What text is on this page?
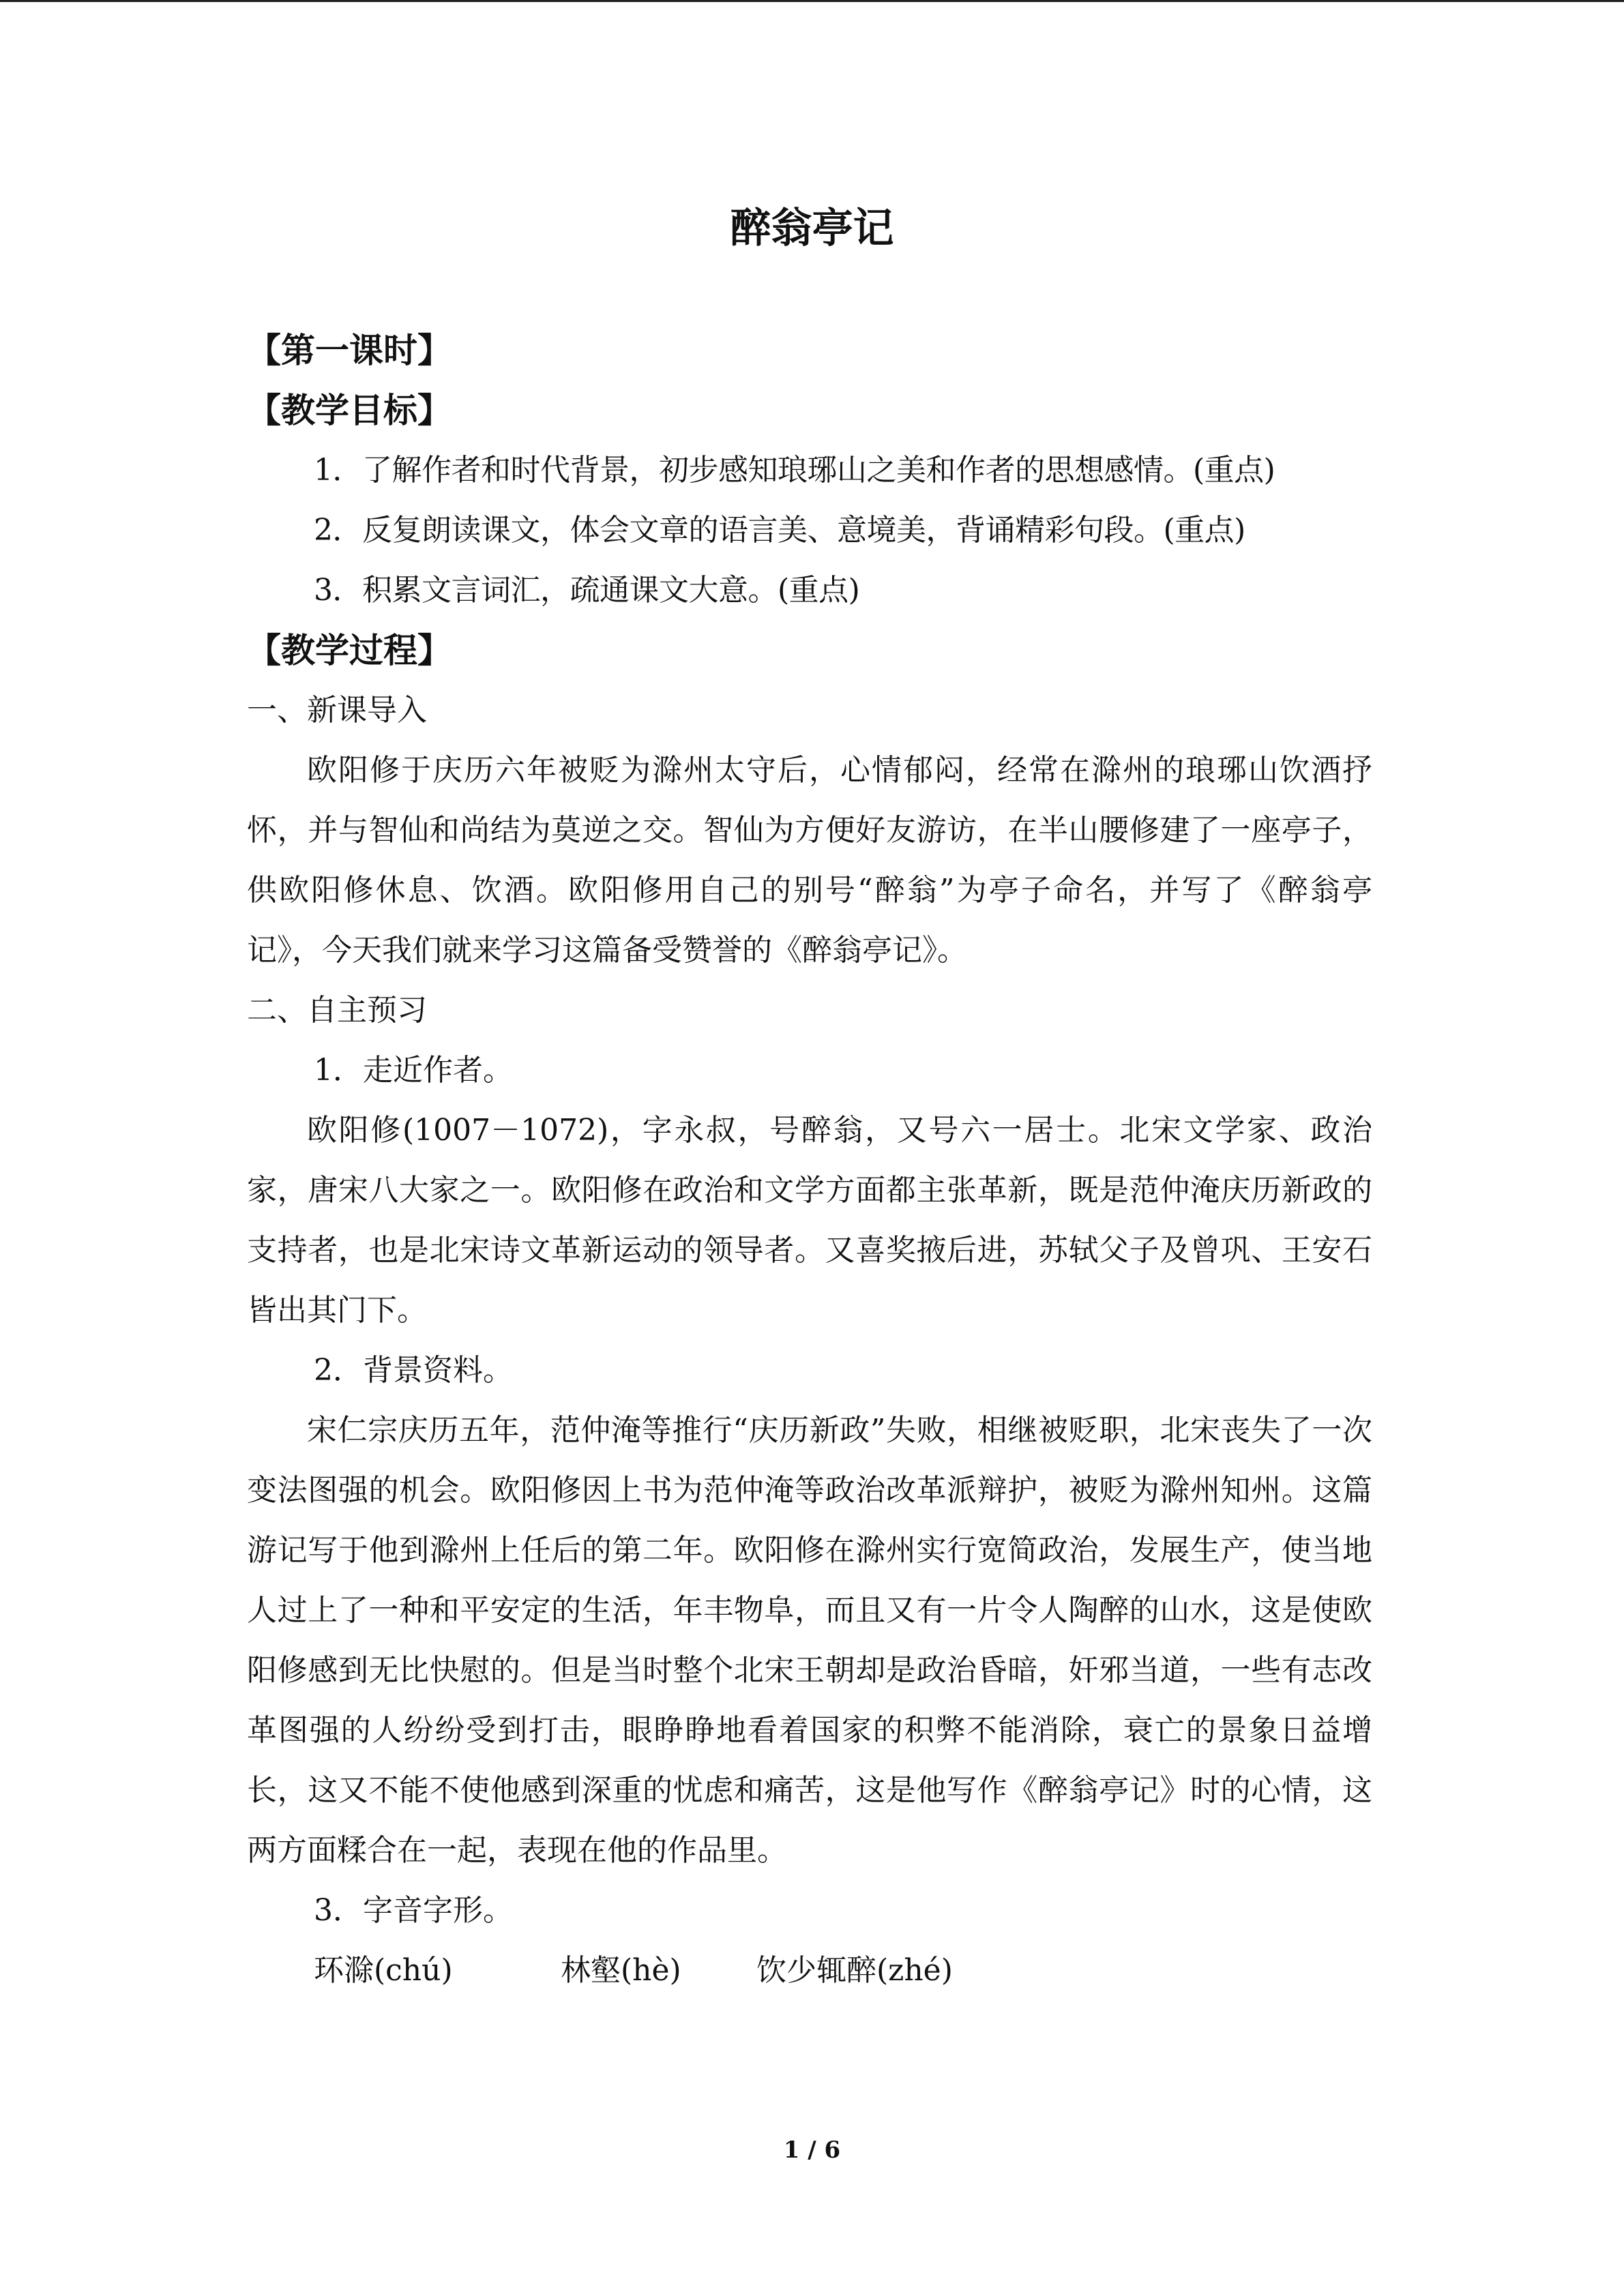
醉翁亭记
【第一课时】
【教学目标】
1．了解作者和时代背景，初步感知琅琊山之美和作者的思想感情。(重点)
2．反复朗读课文，体会文章的语言美、意境美，背诵精彩句段。(重点)
3．积累文言词汇，疏通课文大意。(重点)
【教学过程】
一、新课导入

欧阳修于庆历六年被贬为滁州太守后，心情郁闷，经常在滁州的琅琊山饮酒抒怀，并与智仙和尚结为莫逆之交。智仙为方便好友游访，在半山腰修建了一座亭子，供欧阳修休息、饮酒。欧阳修用自己的别号“醉翁”为亭子命名，并写了《醉翁亭记》，今天我们就来学习这篇备受赞誉的《醉翁亭记》。

二、自主预习
1．走近作者。

欧阳修(1007－1072)，字永叔，号醉翁，又号六一居士。北宋文学家、政治家，唐宋八大家之一。欧阳修在政治和文学方面都主张革新，既是范仲淹庆历新政的支持者，也是北宋诗文革新运动的领导者。又喜奖掖后进，苏轼父子及曾巩、王安石皆出其门下。

2．背景资料。

宋仁宗庆历五年，范仲淹等推行“庆历新政”失败，相继被贬职，北宋丧失了一次变法图强的机会。欧阳修因上书为范仲淹等政治改革派辩护，被贬为滁州知州。这篇游记写于他到滁州上任后的第二年。欧阳修在滁州实行宽简政治，发展生产，使当地人过上了一种和平安定的生活，年丰物阜，而且又有一片令人陶醉的山水，这是使欧阳修感到无比快慰的。但是当时整个北宋王朝却是政治昏暗，奸邪当道，一些有志改革图强的人纷纷受到打击，眼睁睁地看着国家的积弊不能消除，衰亡的景象日益增长，这又不能不使他感到深重的忧虑和痛苦，这是他写作《醉翁亭记》时的心情，这两方面糅合在一起，表现在他的作品里。

3．字音字形。
环滁(chú)	林壑(hè)	饮少辄醉(zhé)
1 / 6
